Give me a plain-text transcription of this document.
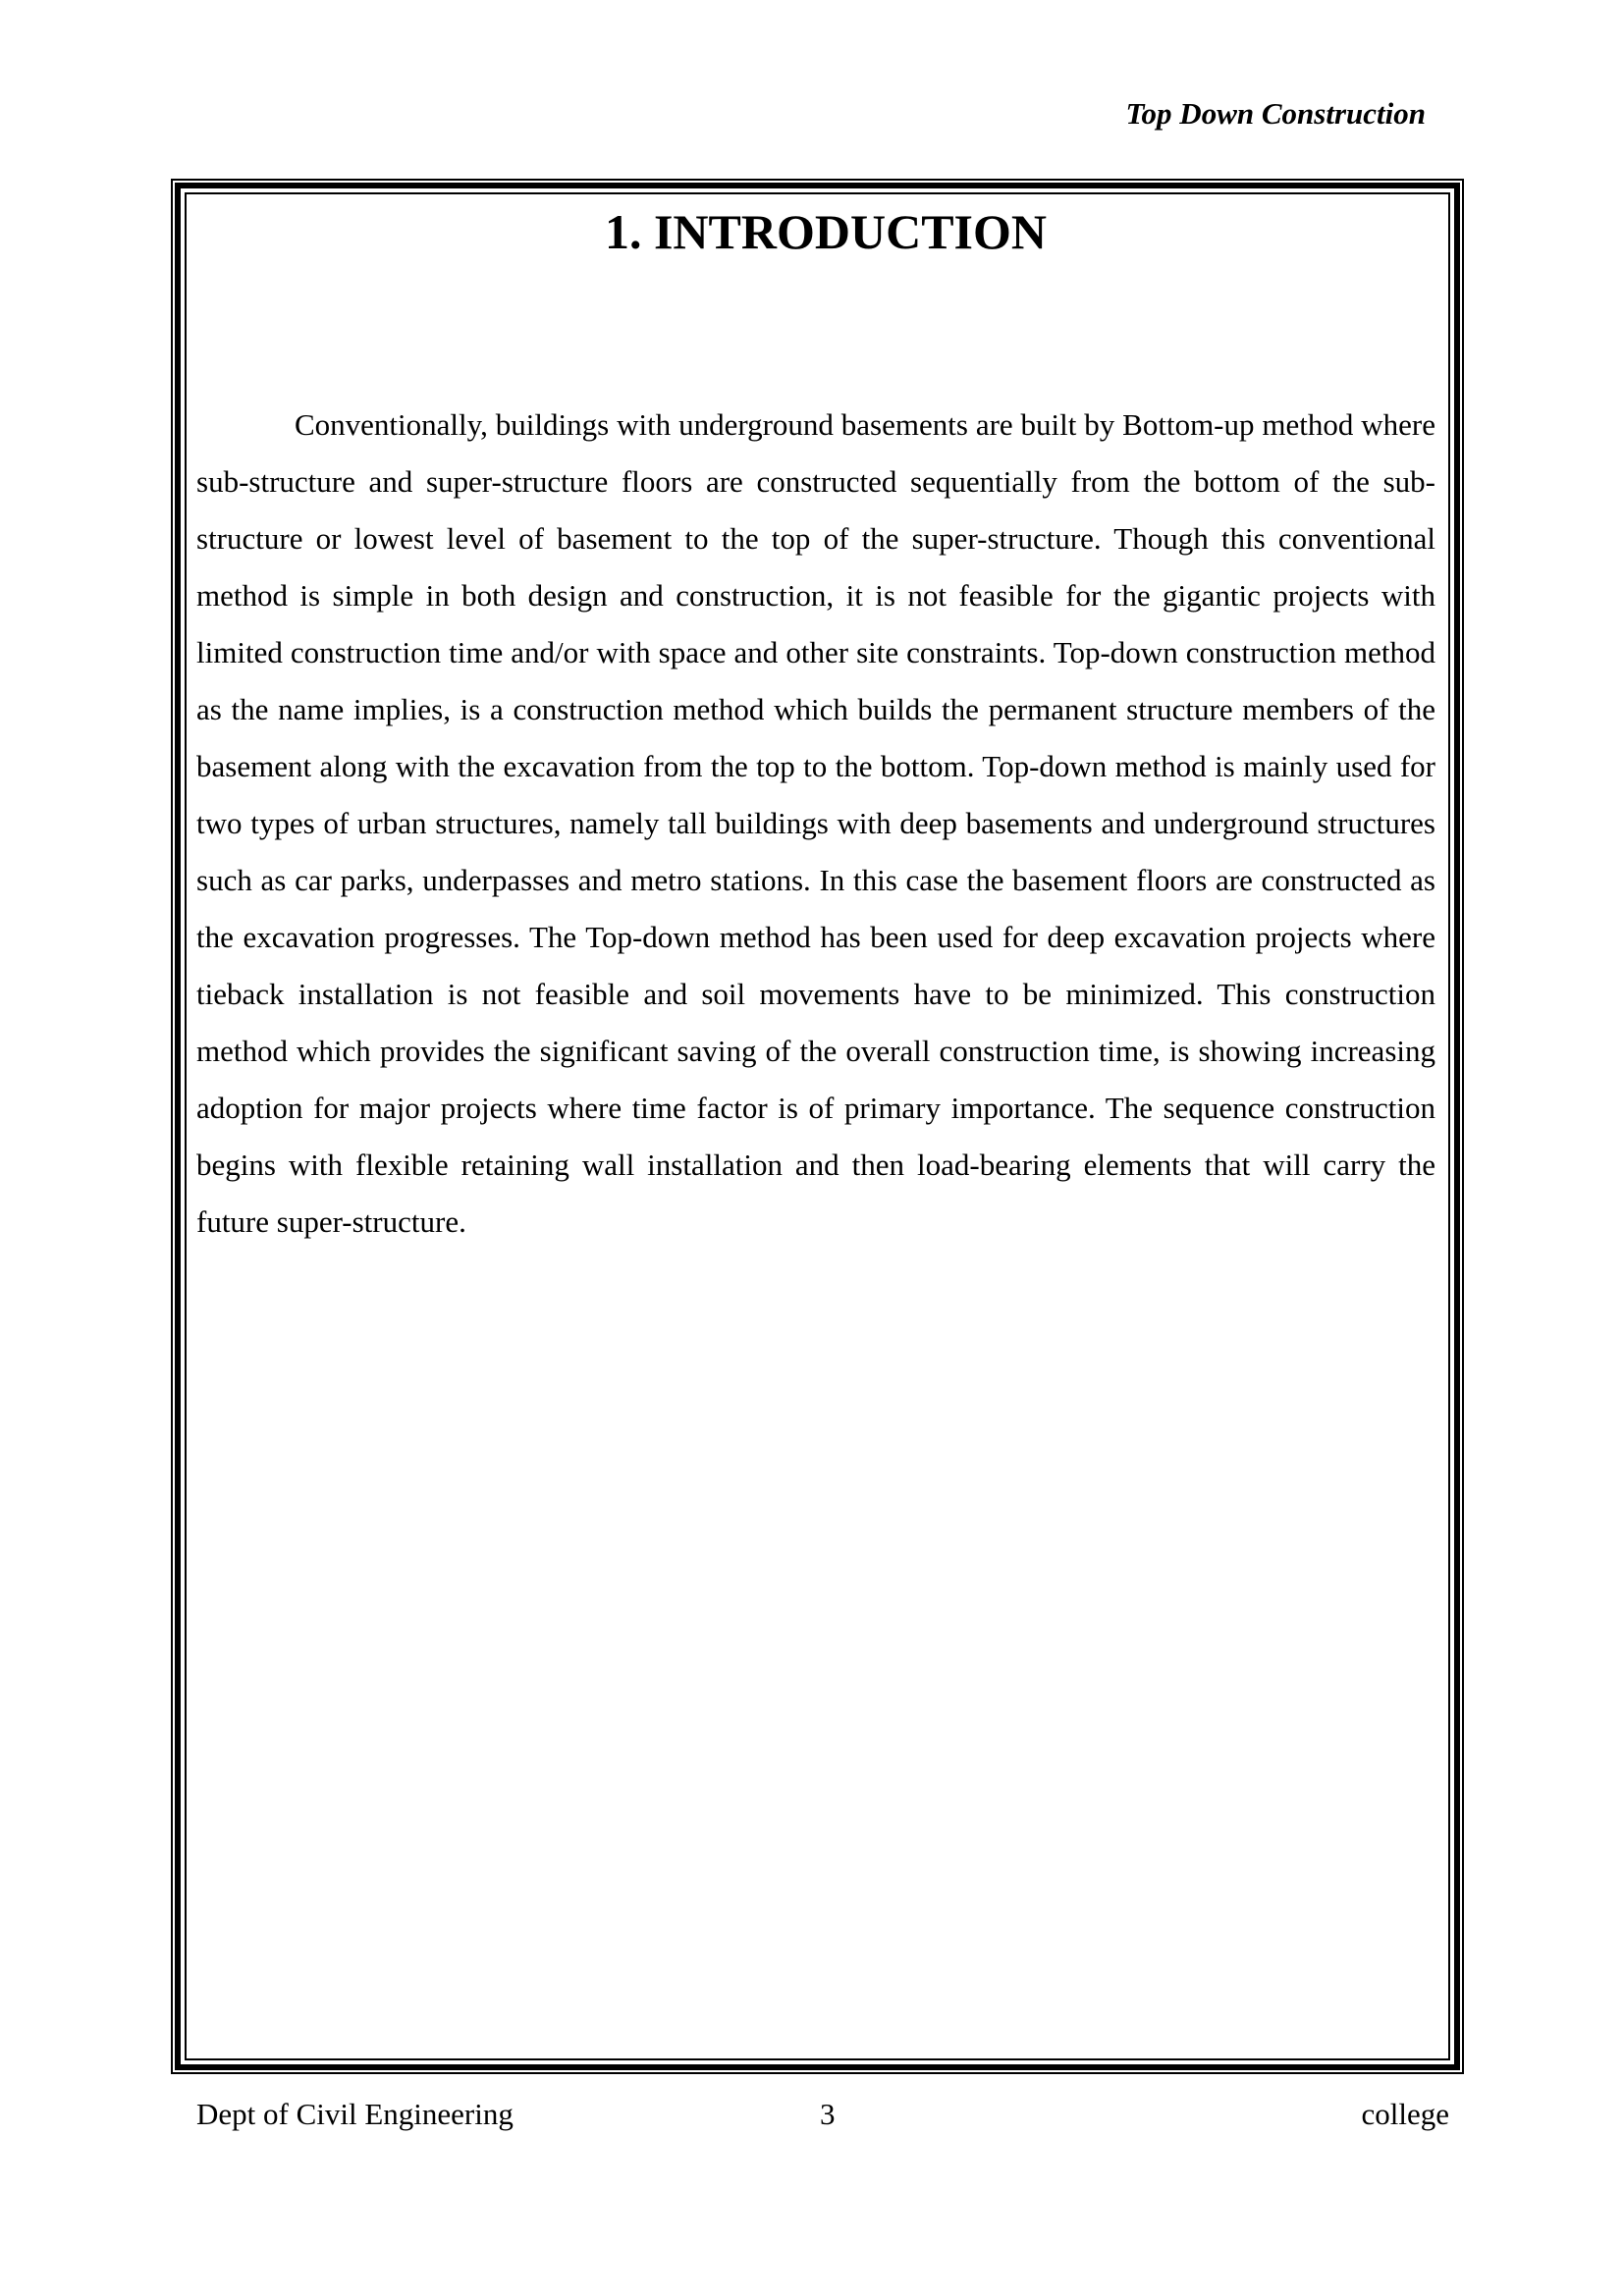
Top Down Construction
1. INTRODUCTION

Conventionally, buildings with underground basements are built by Bottom-up method where sub-structure and super-structure floors are constructed sequentially from the bottom of the sub-structure or lowest level of basement to the top of the super-structure. Though this conventional method is simple in both design and construction, it is not feasible for the gigantic projects with limited construction time and/or with space and other site constraints. Top-down construction method as the name implies, is a construction method which builds the permanent structure members of the basement along with the excavation from the top to the bottom. Top-down method is mainly used for two types of urban structures, namely tall buildings with deep basements and underground structures such as car parks, underpasses and metro stations. In this case the basement floors are constructed as the excavation progresses. The Top-down method has been used for deep excavation projects where tieback installation is not feasible and soil movements have to be minimized. This construction method which provides the significant saving of the overall construction time, is showing increasing adoption for major projects where time factor is of primary importance. The sequence construction begins with flexible retaining wall installation and then load-bearing elements that will carry the future super-structure.

Dept of Civil Engineering	3	college
